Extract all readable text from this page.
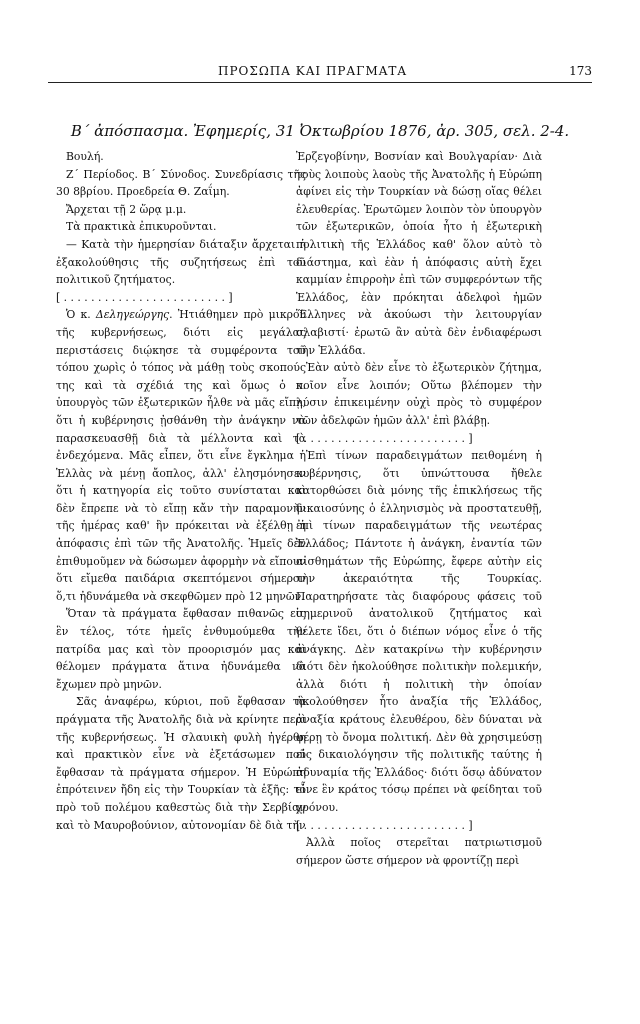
ΠΡΟΣΩΠΑ ΚΑΙ ΠΡΑΓΜΑΤΑ	173
Β΄ ἀπόσπασμα. Ἐφημερίς, 31 Ὀκτωβρίου 1876, ἀρ. 305, σελ. 2-4.

Βουλή.

Ζ΄ Περίοδος. Β΄ Σύνοδος. Συνεδρίασις τῆς 30 8βρίου. Προεδρεία Θ. Ζαΐμη.

Ἄρχεται τῇ 2 ὥρᾳ μ.μ.

Τὰ πρακτικὰ ἐπικυροῦνται.

— Κατὰ τὴν ἡμερησίαν διάταξιν ἄρχεται ἡ ἐξακολούθησις τῆς συζητήσεως ἐπὶ τοῦ πολιτικοῦ ζητήματος.

[ . . . . . . . . . . . . . . . . . . . . . . . . ]

Ὁ κ. Δεληγεώργης. Ἠτιάθημεν πρὸ μικροῦ τῆς κυβερνήσεως, διότι εἰς μεγάλας περιστάσεις διῴκησε τὰ συμφέροντα τοῦ τόπου χωρὶς ὁ τόπος νὰ μάθῃ τοὺς σκοπούς της καὶ τὰ σχέδιά της καὶ ὅμως ὁ κ. ὑπουργὸς τῶν ἐξωτερικῶν ἦλθε νὰ μᾶς εἴπῃ, ὅτι ἡ κυβέρνησις ᾐσθάνθη τὴν ἀνάγκην νὰ παρασκευασθῇ διὰ τὰ μέλλοντα καὶ τὰ ἐνδεχόμενα. Μᾶς εἶπεν, ὅτι εἶνε ἔγκλημα ἡ Ἑλλὰς νὰ μένῃ ἄοπλος, ἀλλ' ἐλησμόνησεν ὅτι ἡ κατηγορία εἰς τοῦτο συνίσταται καὶ δὲν ἔπρεπε νὰ τὸ εἴπῃ κἄν τὴν παραμονὴν τῆς ἡμέρας καθ' ἣν πρόκειται νὰ ἐξέλθῃ ἡ ἀπόφασις ἐπὶ τῶν τῆς Ἀνατολῆς. Ἡμεῖς δὲν ἐπιθυμοῦμεν νὰ δώσωμεν ἀφορμὴν νὰ εἴπουν ὅτι εἴμεθα παιδάρια σκεπτόμενοι σήμερον ὅ,τι ἠδυνάμεθα νὰ σκεφθῶμεν πρὸ 12 μηνῶν.

Ὅταν τὰ πράγματα ἔφθασαν πιθανῶς εἰς ἓν τέλος, τότε ἡμεῖς ἐνθυμούμεθα τὴν πατρίδα μας καὶ τὸν προορισμόν μας καὶ θέλομεν πράγματα ἅτινα ἠδυνάμεθα νὰ ἔχωμεν πρὸ μηνῶν.

Σᾶς ἀναφέρω, κύριοι, ποῦ ἔφθασαν τὰ πράγματα τῆς Ἀνατολῆς διὰ νὰ κρίνητε περὶ τῆς κυβερνήσεως. Ἡ σλαυικὴ φυλὴ ἠγέρθη καὶ πρακτικὸν εἶνε νὰ ἐξετάσωμεν ποῦ ἔφθασαν τὰ πράγματα σήμερον. Ἡ Εὐρώπη ἐπρότεινεν ἤδη εἰς τὴν Τουρκίαν τὰ ἑξῆς: τὸ πρὸ τοῦ πολέμου καθεστὼς διὰ τὴν Σερβίαν καὶ τὸ Μαυροβούνιον, αὐτονομίαν δὲ διὰ τὴν

Ἐρζεγοβίνην, Βοσνίαν καὶ Βουλγαρίαν· Διὰ τοὺς λοιποὺς λαοὺς τῆς Ἀνατολῆς ἡ Εὐρώπη ἀφίνει εἰς τὴν Τουρκίαν νὰ δώσῃ οἵας θέλει ἐλευθερίας. Ἐρωτῶμεν λοιπὸν τὸν ὑπουργὸν τῶν ἐξωτερικῶν, ὁποία ἦτο ἡ ἐξωτερικὴ πολιτικὴ τῆς Ἑλλάδος καθ' ὅλον αὐτὸ τὸ διάστημα, καὶ ἐὰν ἡ ἀπόφασις αὐτὴ ἔχει καμμίαν ἐπιρροὴν ἐπὶ τῶν συμφερόντων τῆς Ἑλλάδος, ἐὰν πρόκηται ἀδελφοὶ ἡμῶν Ἕλληνες νὰ ἀκούωσι τὴν λειτουργίαν σλαβιστί· ἐρωτῶ ἂν αὐτὰ δὲν ἐνδιαφέρωσι τὴν Ἑλλάδα.

Ἐὰν αὐτὸ δὲν εἶνε τὸ ἐξωτερικὸν ζήτημα, ποῖον εἶνε λοιπόν; Οὕτω βλέπομεν τὴν λύσιν ἐπικειμένην οὐχὶ πρὸς τὸ συμφέρον τῶν ἀδελφῶν ἡμῶν ἀλλ' ἐπὶ βλάβῃ.

[ . . . . . . . . . . . . . . . . . . . . . . . . ]

Ἐπὶ τίνων παραδειγμάτων πειθομένη ἡ κυβέρνησις, ὅτι ὑπνώττουσα ἤθελε κατορθώσει διὰ μόνης τῆς ἐπικλήσεως τῆς δικαιοσύνης ὁ ἑλληνισμὸς νὰ προστατευθῇ, ἐπὶ τίνων παραδειγμάτων τῆς νεωτέρας Ἑλλάδος; Πάντοτε ἡ ἀνάγκη, ἐναντία τῶν αἰσθημάτων τῆς Εὐρώπης, ἔφερε αὐτὴν εἰς τὴν ἀκεραιότητα τῆς Τουρκίας. Παρατηρήσατε τὰς διαφόρους φάσεις τοῦ σημερινοῦ ἀνατολικοῦ ζητήματος καὶ θέλετε ἴδει, ὅτι ὁ διέπων νόμος εἶνε ὁ τῆς ἀνάγκης. Δὲν κατακρίνω τὴν κυβέρνησιν διότι δὲν ἠκολούθησε πολιτικὴν πολεμικήν, ἀλλὰ διότι ἡ πολιτικὴ τὴν ὁποίαν ἠκολούθησεν ἦτο ἀναξία τῆς Ἑλλάδος, ἀναξία κράτους ἐλευθέρου, δὲν δύναται νὰ φέρῃ τὸ ὄνομα πολιτική. Δὲν θὰ χρησιμεύσῃ εἰς δικαιολόγησιν τῆς πολιτικῆς ταύτης ἡ ἀδυναμία τῆς Ἑλλάδος· διότι ὅσῳ ἀδύνατον εἶνε ἓν κράτος τόσῳ πρέπει νὰ φείδηται τοῦ χρόνου.

[ . . . . . . . . . . . . . . . . . . . . . . . . ]

Ἀλλὰ ποῖος στερεῖται πατριωτισμοῦ σήμερον ὥστε σήμερον νὰ φροντίζῃ περὶ
